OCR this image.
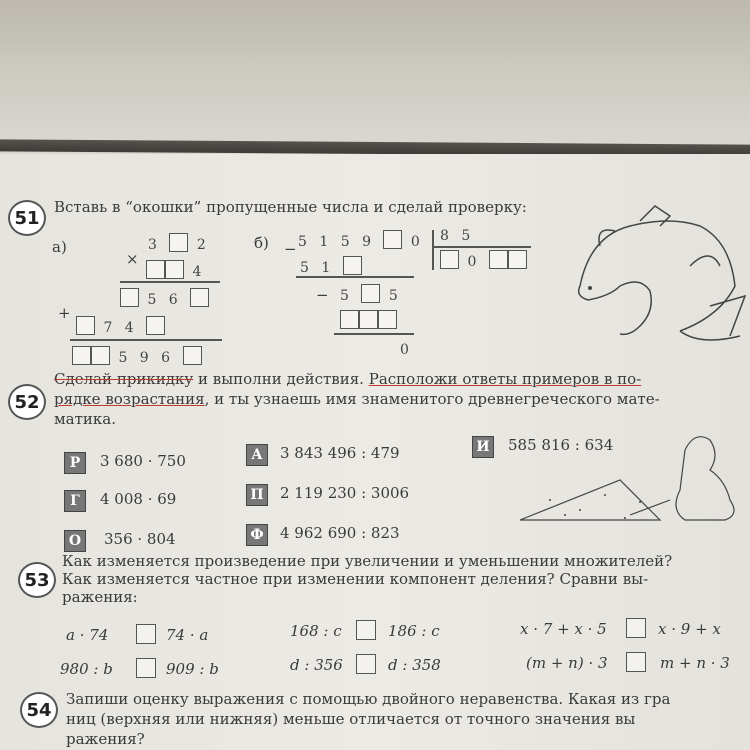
51
Вставь в “окошки” пропущенные числа и сделай проверку:
а)	3	2
×
4
5 6
+
7 4
5 9 6
б) − 5 1 5 9	0 8 5
0
5 1
− 5	5
0
52
Сделай прикидку и выполни действия. Расположи ответы примеров в по-
рядке возрастания, и ты узнаешь имя знаменитого древнегреческого мате-
матика.
Р	3 680 · 750
Г	4 008 · 69
О	356 · 804
А	3 843 496 : 479
П 2 119 230 : 3006
Ф 4 962 690 : 823
И 585 816 : 634
53
Как изменяется произведение при увеличении и уменьшении множителей?
Как изменяется частное при изменении компонент деления? Сравни вы-
ражения:
a · 74	74 · a	168 : c	186 : c	x · 7 + x · 5	x · 9 + x
980 : b	909 : b	d : 356	d : 358	(m + n) · 3	m + n · 3
54
Запиши оценку выражения с помощью двойного неравенства. Какая из гра
ниц (верхняя или нижняя) меньше отличается от точного значения вы
ражения?
